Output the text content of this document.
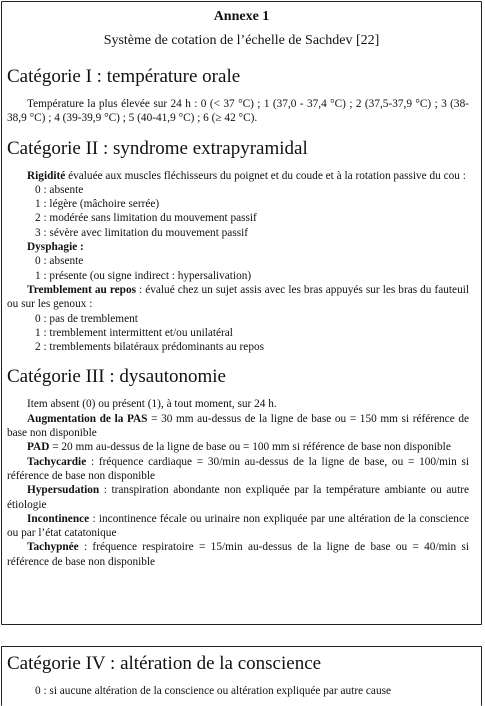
Annexe 1
Système de cotation de l’échelle de Sachdev [22]
Catégorie I : température orale

Température la plus élevée sur 24 h : 0 (< 37 °C) ; 1 (37,0 - 37,4 °C) ; 2 (37,5-37,9 °C) ; 3 (38-38,9 °C) ; 4 (39-39,9 °C) ; 5 (40-41,9 °C) ; 6 (≥ 42 °C).

Catégorie II : syndrome extrapyramidal

Rigidité évaluée aux muscles fléchisseurs du poignet et du coude et à la rotation passive du cou :

0 : absente

1 : légère (mâchoire serrée)

2 : modérée sans limitation du mouvement passif

3 : sévère avec limitation du mouvement passif

Dysphagie :

0 : absente

1 : présente (ou signe indirect : hypersalivation)

Tremblement au repos : évalué chez un sujet assis avec les bras appuyés sur les bras du fauteuil ou sur les genoux :

0 : pas de tremblement

1 : tremblement intermittent et/ou unilatéral

2 : tremblements bilatéraux prédominants au repos

Catégorie III : dysautonomie

Item absent (0) ou présent (1), à tout moment, sur 24 h.

Augmentation de la PAS = 30 mm au-dessus de la ligne de base ou = 150 mm si référence de base non disponible

PAD = 20 mm au-dessus de la ligne de base ou = 100 mm si référence de base non disponible

Tachycardie : fréquence cardiaque = 30/min au-dessus de la ligne de base, ou = 100/min si référence de base non disponible

Hypersudation : transpiration abondante non expliquée par la température ambiante ou autre étiologie

Incontinence : incontinence fécale ou urinaire non expliquée par une altération de la conscience ou par l’état catatonique

Tachypnée : fréquence respiratoire = 15/min au-dessus de la ligne de base ou = 40/min si référence de base non disponible

Catégorie IV : altération de la conscience

0 : si aucune altération de la conscience ou altération expliquée par autre cause
